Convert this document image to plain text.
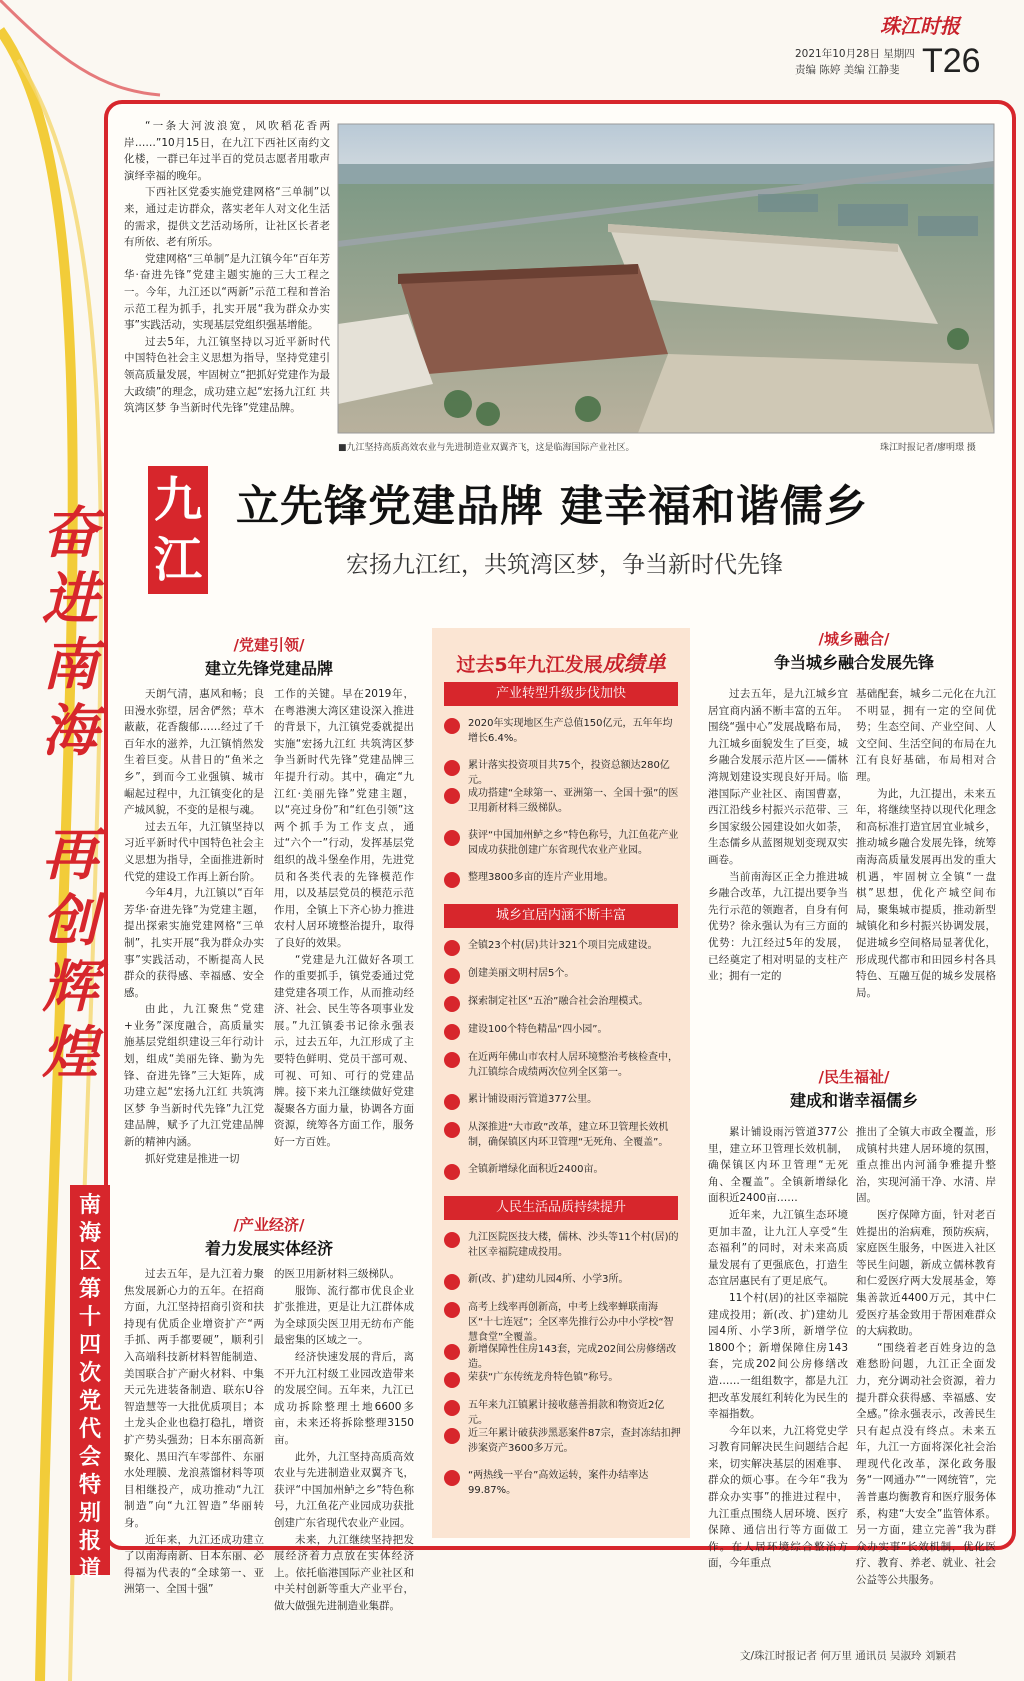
珠江时报
2021年10月28日 星期四
责编 陈婷 美编 江静斐 T26
奋进南海
再创辉煌
南海区第十四次党代会特别报道

“一条大河波浪宽，风吹稻花香两岸……”10月15日，在九江下西社区南约文化楼，一群已年过半百的党员志愿者用歌声演绎幸福的晚年。

下西社区党委实施党建网格“三单制”以来，通过走访群众，落实老年人对文化生活的需求，提供文艺活动场所，让社区长者老有所依、老有所乐。

党建网格“三单制”是九江镇今年“百年芳华·奋进先锋”党建主题实施的三大工程之一。今年，九江还以“两新”示范工程和普治示范工程为抓手，扎实开展“我为群众办实事”实践活动，实现基层党组织强基增能。

过去5年，九江镇坚持以习近平新时代中国特色社会主义思想为指导，坚持党建引领高质量发展，牢固树立“把抓好党建作为最大政绩”的理念，成功建立起“宏扬九江红 共筑湾区梦 争当新时代先锋”党建品牌。

■九江坚持高质高效农业与先进制造业双翼齐飞，这是临海国际产业社区。	珠江时报记者/廖明璟 摄
九江
立先锋党建品牌 建幸福和谐儒乡
宏扬九江红，共筑湾区梦，争当新时代先锋
/党建引领/
建立先锋党建品牌

天朗气清，惠风和畅；良田漫水弥望，居舍俨然；草木蔽蔽，花香馥郁……经过了千百年水的滋养，九江镇悄然发生着巨变。从昔日的“鱼米之乡”，到而今工业强镇、城市崛起过程中，九江镇变化的是产城风貌，不变的是根与魂。

过去五年，九江镇坚持以习近平新时代中国特色社会主义思想为指导，全面推进新时代党的建设工作再上新台阶。

今年4月，九江镇以“百年芳华·奋进先锋”为党建主题，提出探索实施党建网格“三单制”，扎实开展“我为群众办实事”实践活动，不断提高人民群众的获得感、幸福感、安全感。

由此，九江聚焦“党建+业务”深度融合，高质量实施基层党组织建设三年行动计划，组成“美丽先锋、勤为先锋、奋进先锋”三大矩阵，成功建立起“宏扬九江红 共筑湾区梦 争当新时代先锋”九江党建品牌，赋予了九江党建品牌新的精神内涵。

抓好党建是推进一切

工作的关键。早在2019年，在粤港澳大湾区建设深入推进的背景下，九江镇党委就提出实施“宏扬九江红 共筑湾区梦 争当新时代先锋”党建品牌三年提升行动。其中，确定“九江红·美丽先锋”党建主题，以“亮过身份”和“红色引领”这两个抓手为工作支点，通过“六个一”行动，发挥基层党组织的战斗堡垒作用，先进党员和各类代表的先锋模范作用，以及基层党员的模范示范作用，全镇上下齐心协力推进农村人居环境整治提升，取得了良好的效果。

“党建是九江做好各项工作的重要抓手，镇党委通过党建党建各项工作，从而推动经济、社会、民生等各项事业发展。”九江镇委书记徐永强表示，过去五年，九江形成了主要特色鲜明、党员干部可观、可视、可知、可行的党建品牌。接下来九江继续做好党建凝聚各方面力量，协调各方面资源，统筹各方面工作，服务好一方百姓。

/产业经济/
着力发展实体经济

过去五年，是九江着力聚焦发展新心力的五年。在招商方面，九江坚持招商引资和扶持现有优质企业增资扩产“两手抓、两手都要硬”，顺利引入高端科技新材料智能制造、美国联合扩产耐火材料、中集天元先进装备制造、联东U谷智造慧等一大批优质项目；本土龙头企业也稳打稳扎，增资扩产势头强劲；日本东丽高新聚化、黑田汽车零部件、东丽水处理膜、龙浪蒸馏材料等项目相继投产，成功推动“九江制造”向“九江智造”华丽转身。

近年来，九江还成功建立了以南海南新、日本东丽、必得福为代表的“全球第一、亚洲第一、全国十强”

的医卫用新材料三级梯队。

服饰、流行都市优良企业扩张推进，更是让九江群体成为全球顶尖医卫用无纺布产能最密集的区域之一。

经济快速发展的背后，离不开九江村级工业园改造带来的发展空间。五年来，九江已成功拆除整理土地6600多亩，未来还将拆除整理3150亩。

此外，九江坚持高质高效农业与先进制造业双翼齐飞，获评“中国加州鲈之乡”特色称号，九江鱼花产业园成功获批创建广东省现代农业产业园。

未来，九江继续坚持把发展经济着力点放在实体经济上。依托临港国际产业社区和中关村创新等重大产业平台，做大做强先进制造业集群。

过去5年九江发展成绩单
产业转型升级步伐加快
2020年实现地区生产总值150亿元，五年年均增长6.4%。
累计落实投资项目共75个，投资总额达280亿元。
成功搭建“全球第一、亚洲第一、全国十强”的医卫用新材料三级梯队。
获评“中国加州鲈之乡”特色称号，九江鱼花产业园成功获批创建广东省现代农业产业园。
整理3800多亩的连片产业用地。
城乡宜居内涵不断丰富
全镇23个村(居)共计321个项目完成建设。
创建美丽文明村居5个。
探索制定社区“五治”融合社会治理模式。
建设100个特色精品“四小园”。
在近两年佛山市农村人居环境整治考核检查中，九江镇综合成绩两次位列全区第一。
累计铺设雨污管道377公里。
从深推进“大市政”改革，建立环卫管理长效机制，确保镇区内环卫管理“无死角、全覆盖”。
全镇新增绿化面积近2400亩。
人民生活品质持续提升
九江医院医技大楼，儒林、沙头等11个村(居)的社区幸福院建成投用。
新(改、扩)建幼儿园4所、小学3所。
高考上线率再创新高，中考上线率蝉联南海区“十七连冠”；全区率先推行公办中小学校“智慧食堂”全覆盖。
新增保障性住房143套，完成202间公房修缮改造。
荣获“广东传统龙舟特色镇”称号。
五年来九江镇累计接收慈善捐款和物资近2亿元。
近三年累计破获涉黑恶案件87宗，查封冻结扣押涉案资产3600多万元。
“两热线一平台”高效运转，案件办结率达99.87%。
/城乡融合/
争当城乡融合发展先锋

过去五年，是九江城乡宜居宜商内涵不断丰富的五年。围绕“强中心”发展战略布局，九江城乡面貌发生了巨变，城乡融合发展示范片区——儒林湾规划建设实现良好开局。临港国际产业社区、南国曹嘉，西江沿线乡村振兴示范带、三乡国家级公园建设如火如荼，生态儒乡从蓝图规划变现双实画卷。

当前南海区正全力推进城乡融合改革，九江提出要争当先行示范的领跑者，自身有何优势？徐永强认为有三方面的优势：九江经过5年的发展，已经奠定了相对明显的支柱产业；拥有一定的

基础配套，城乡二元化在九江不明显，拥有一定的空间优势；生态空间、产业空间、人文空间、生活空间的布局在九江有良好基础，布局相对合理。

为此，九江提出，未来五年，将继续坚持以现代化理念和高标准打造宜居宜业城乡，推动城乡融合发展先锋，统筹南海高质量发展再出发的重大机遇，牢固树立全镇“一盘棋”思想，优化产城空间布局，聚集城市提质，推动新型城镇化和乡村振兴协调发展，促进城乡空间格局显著优化，形成现代都市和田园乡村各具特色、互融互促的城乡发展格局。

/民生福祉/
建成和谐幸福儒乡

累计铺设雨污管道377公里，建立环卫管理长效机制，确保镇区内环卫管理“无死角、全覆盖”。全镇新增绿化面积近2400亩……

近年来，九江镇生态环境更加丰盈，让九江人享受“生态福利”的同时，对未来高质量发展有了更强底色，打造生态宜居惠民有了更足底气。

11个村(居)的社区幸福院建成投用；新(改、扩)建幼儿园4所、小学3所，新增学位1800个；新增保障住房143套，完成202间公房修缮改造……一组组数字，都是九江把改革发展红利转化为民生的幸福指数。

今年以来，九江将党史学习教育同解决民生问题结合起来，切实解决基层的困难事、群众的烦心事。在今年“我为群众办实事”的推进过程中，九江重点围绕人居环境、医疗保障、通信出行等方面做工作。在人居环境综合整治方面，今年重点

推出了全镇大市政全覆盖，形成镇村共建人居环境的氛围，重点推出内河涌争雅提升整治，实现河涌干净、水清、岸固。

医疗保障方面，针对老百姓提出的治病难，预防疾病，家庭医生服务，中医进入社区等民生问题，新成立儒林教育和仁爱医疗两大发展基金，筹集善款近4400万元，其中仁爱医疗基金致用于帮困难群众的大病救助。

“围绕着老百姓身边的急难愁盼问题，九江正全面发力，充分调动社会资源，着力提升群众获得感、幸福感、安全感。”徐永强表示，改善民生只有起点没有终点。未来五年，九江一方面将深化社会治理现代化改革，深化政务服务“一网通办”“一网统管”，完善普惠均衡教育和医疗服务体系，构建“大安全”监管体系。另一方面，建立完善“我为群众办实事”长效机制，优化医疗、教育、养老、就业、社会公益等公共服务。

文/珠江时报记者 何万里 通讯员 吴淑玲 刘颖君
